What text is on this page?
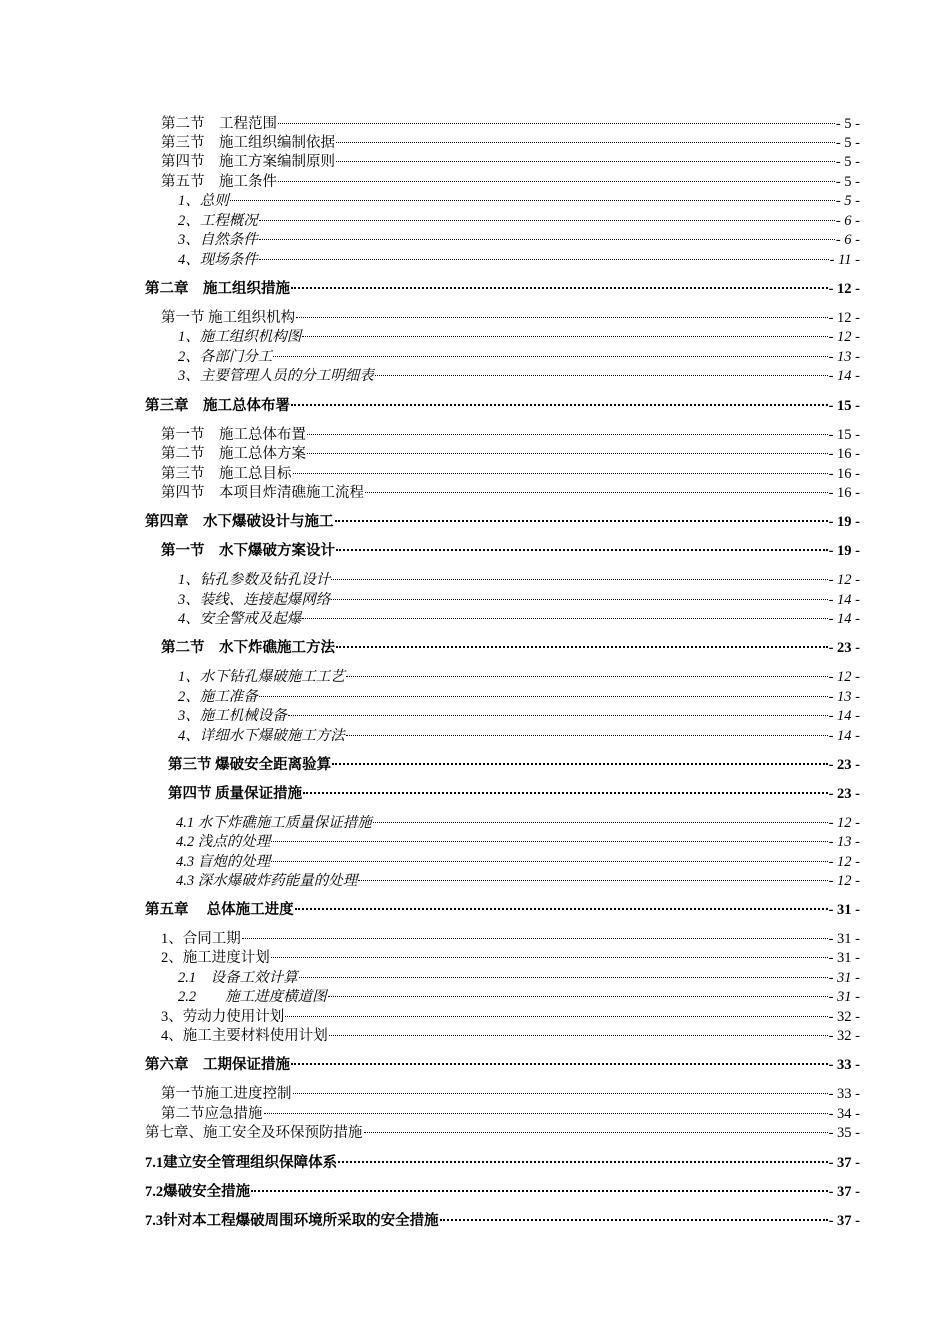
第二节　工程范围	- 5 -
第三节　施工组织编制依据	- 5 -
第四节　施工方案编制原则	- 5 -
第五节　施工条件	- 5 -
1、总则	- 5 -
2、工程概况	- 6 -
3、自然条件	- 6 -
4、现场条件	- 11 -
第二章　施工组织措施	- 12 -
第一节 施工组织机构	- 12 -
1、施工组织机构图	- 12 -
2、各部门分工	- 13 -
3、主要管理人员的分工明细表	- 14 -
第三章　施工总体布署	- 15 -
第一节　施工总体布置	- 15 -
第二节　施工总体方案	- 16 -
第三节　施工总目标	- 16 -
第四节　本项目炸清礁施工流程	- 16 -
第四章　水下爆破设计与施工	- 19 -
第一节　水下爆破方案设计	- 19 -
1、钻孔参数及钻孔设计	- 12 -
3、装线、连接起爆网络	- 14 -
4、安全警戒及起爆	- 14 -
第二节　水下炸礁施工方法	- 23 -
1、水下钻孔爆破施工工艺	- 12 -
2、施工准备	- 13 -
3、施工机械设备	- 14 -
4、详细水下爆破施工方法	- 14 -
第三节 爆破安全距离验算	- 23 -
第四节 质量保证措施	- 23 -
4.1 水下炸礁施工质量保证措施	- 12 -
4.2 浅点的处理	- 13 -
4.3 盲炮的处理	- 12 -
4.3 深水爆破炸药能量的处理	- 12 -
第五章　 总体施工进度	- 31 -
1、合同工期	- 31 -
2、施工进度计划	- 31 -
2.1　设备工效计算	- 31 -
2.2　　施工进度横道图	- 31 -
3、劳动力使用计划	- 32 -
4、施工主要材料使用计划	- 32 -
第六章　工期保证措施	- 33 -
第一节施工进度控制	- 33 -
第二节应急措施	- 34 -
第七章、施工安全及环保预防措施	- 35 -
7.1建立安全管理组织保障体系	- 37 -
7.2爆破安全措施	- 37 -
7.3针对本工程爆破周围环境所采取的安全措施	- 37 -
